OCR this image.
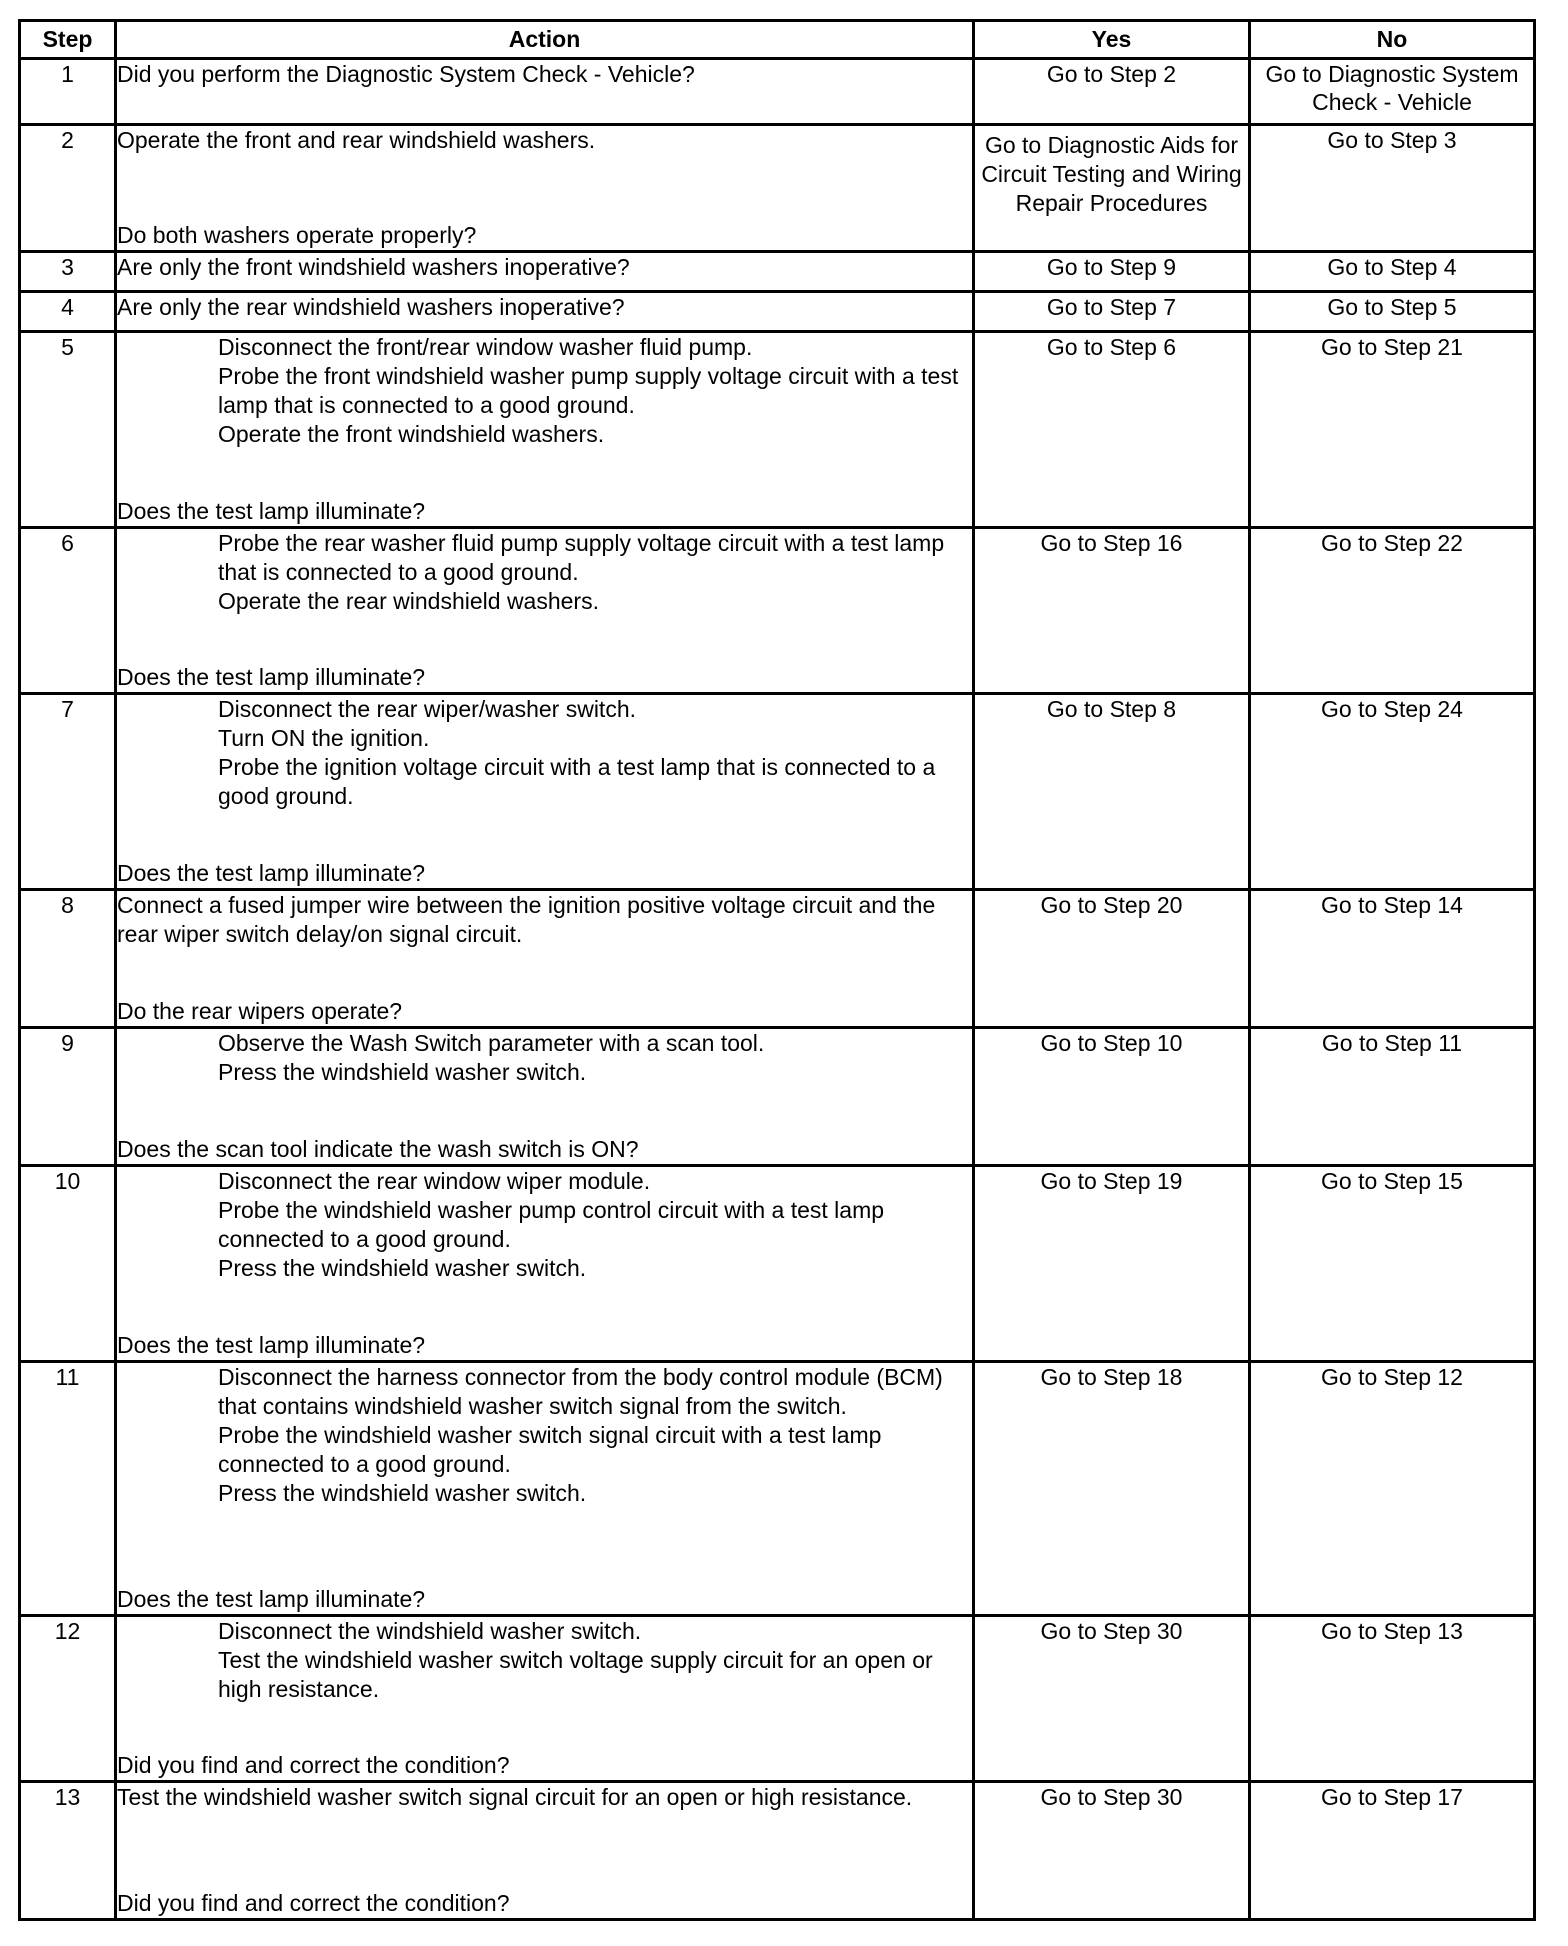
Step	Action	Yes	No
1	Did you perform the Diagnostic System Check - Vehicle?	Go to Step 2	Go to Diagnostic System Check - Vehicle
2	Operate the front and rear windshield washers.
Do both washers operate properly?	Go to Diagnostic Aids for Circuit Testing and Wiring Repair Procedures	Go to Step 3
3	Are only the front windshield washers inoperative?	Go to Step 9	Go to Step 4
4	Are only the rear windshield washers inoperative?	Go to Step 7	Go to Step 5
5	Disconnect the front/rear window washer fluid pump.
Probe the front windshield washer pump supply voltage circuit with a test lamp that is connected to a good ground.
Operate the front windshield washers.
Does the test lamp illuminate?	Go to Step 6	Go to Step 21
6	Probe the rear washer fluid pump supply voltage circuit with a test lamp that is connected to a good ground.
Operate the rear windshield washers.
Does the test lamp illuminate?	Go to Step 16	Go to Step 22
7	Disconnect the rear wiper/washer switch.
Turn ON the ignition.
Probe the ignition voltage circuit with a test lamp that is connected to a good ground.
Does the test lamp illuminate?	Go to Step 8	Go to Step 24
8	Connect a fused jumper wire between the ignition positive voltage circuit and the rear wiper switch delay/on signal circuit.
Do the rear wipers operate?	Go to Step 20	Go to Step 14
9	Observe the Wash Switch parameter with a scan tool.
Press the windshield washer switch.
Does the scan tool indicate the wash switch is ON?	Go to Step 10	Go to Step 11
10	Disconnect the rear window wiper module.
Probe the windshield washer pump control circuit with a test lamp connected to a good ground.
Press the windshield washer switch.
Does the test lamp illuminate?	Go to Step 19	Go to Step 15
11	Disconnect the harness connector from the body control module (BCM) that contains windshield washer switch signal from the switch.
Probe the windshield washer switch signal circuit with a test lamp connected to a good ground.
Press the windshield washer switch.
Does the test lamp illuminate?	Go to Step 18	Go to Step 12
12	Disconnect the windshield washer switch.
Test the windshield washer switch voltage supply circuit for an open or high resistance.
Did you find and correct the condition?	Go to Step 30	Go to Step 13
13	Test the windshield washer switch signal circuit for an open or high resistance.
Did you find and correct the condition?	Go to Step 30	Go to Step 17
